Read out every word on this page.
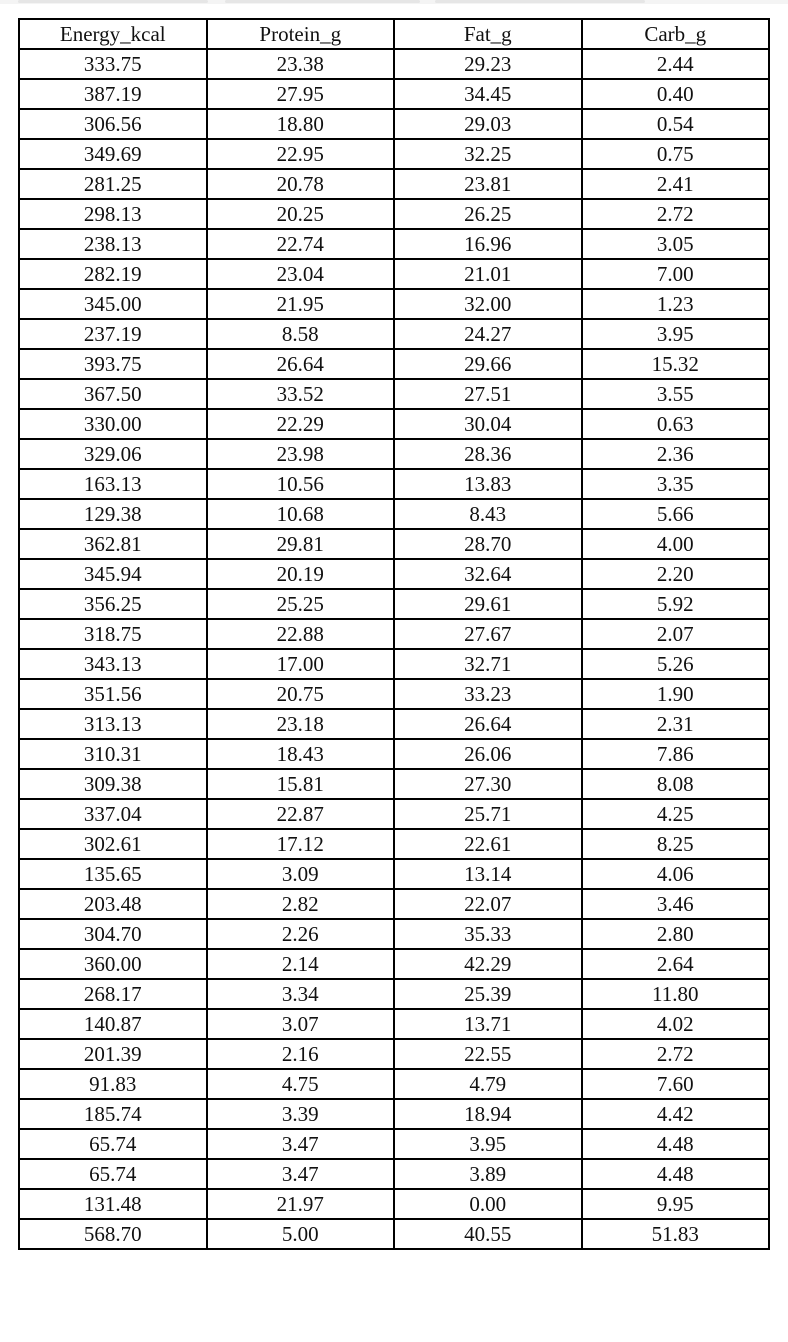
Energy_kcal	Protein_g	Fat_g	Carb_g
333.75	23.38	29.23	2.44
387.19	27.95	34.45	0.40
306.56	18.80	29.03	0.54
349.69	22.95	32.25	0.75
281.25	20.78	23.81	2.41
298.13	20.25	26.25	2.72
238.13	22.74	16.96	3.05
282.19	23.04	21.01	7.00
345.00	21.95	32.00	1.23
237.19	8.58	24.27	3.95
393.75	26.64	29.66	15.32
367.50	33.52	27.51	3.55
330.00	22.29	30.04	0.63
329.06	23.98	28.36	2.36
163.13	10.56	13.83	3.35
129.38	10.68	8.43	5.66
362.81	29.81	28.70	4.00
345.94	20.19	32.64	2.20
356.25	25.25	29.61	5.92
318.75	22.88	27.67	2.07
343.13	17.00	32.71	5.26
351.56	20.75	33.23	1.90
313.13	23.18	26.64	2.31
310.31	18.43	26.06	7.86
309.38	15.81	27.30	8.08
337.04	22.87	25.71	4.25
302.61	17.12	22.61	8.25
135.65	3.09	13.14	4.06
203.48	2.82	22.07	3.46
304.70	2.26	35.33	2.80
360.00	2.14	42.29	2.64
268.17	3.34	25.39	11.80
140.87	3.07	13.71	4.02
201.39	2.16	22.55	2.72
91.83	4.75	4.79	7.60
185.74	3.39	18.94	4.42
65.74	3.47	3.95	4.48
65.74	3.47	3.89	4.48
131.48	21.97	0.00	9.95
568.70	5.00	40.55	51.83
